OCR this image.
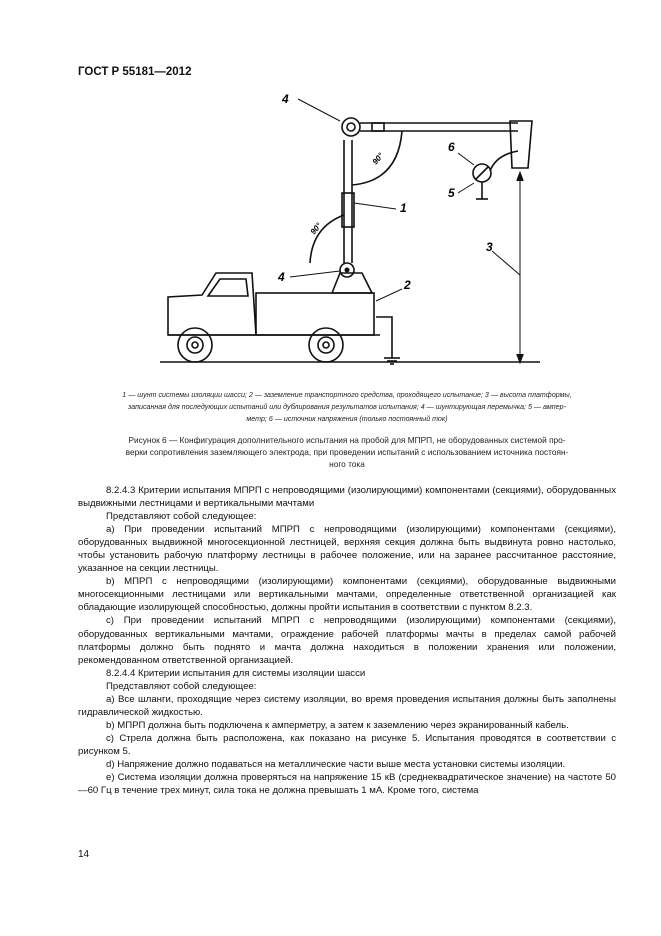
ГОСТ Р 55181—2012
4
6
5
1
3
4
2
90°
90°
1 — шунт системы изоляции шасси; 2 — заземление транспортного средства, проходящего испытание; 3 — высота платформы,
записанная для последующих испытаний или дублирования результатов испытания; 4 — шунтирующая перемычка; 5 — ампер-
метр; 6 — источник напряжения (только постоянный ток)
Рисунок 6 — Конфигурация дополнительного испытания на пробой для МПРП, не оборудованных системой про-
верки сопротивления заземляющего электрода, при проведении испытаний с использованием источника постоян-
ного тока

8.2.4.3 Критерии испытания МПРП с непроводящими (изолирующими) компонентами (секциями), оборудованных выдвижными лестницами и вертикальными мачтами

Представляют собой следующее:

а) При проведении испытаний МПРП с непроводящими (изолирующими) компонентами (секциями), оборудованных выдвижной многосекционной лестницей, верхняя секция должна быть выдвинута ровно настолько, чтобы установить рабочую платформу лестницы в рабочее положение, или на заранее рассчитанное расстояние, указанное на секции лестницы.

b) МПРП с непроводящими (изолирующими) компонентами (секциями), оборудованные выдвижными многосекционными лестницами или вертикальными мачтами, определенные ответственной организацией как обладающие изолирующей способностью, должны пройти испытания в соответствии с пунктом 8.2.3.

c) При проведении испытаний МПРП с непроводящими (изолирующими) компонентами (секциями), оборудованных вертикальными мачтами, ограждение рабочей платформы мачты в пределах самой рабочей платформы должно быть поднято и мачта должна находиться в положении хранения или положении, рекомендованном ответственной организацией.

8.2.4.4 Критерии испытания для системы изоляции шасси

Представляют собой следующее:

а) Все шланги, проходящие через систему изоляции, во время проведения испытания должны быть заполнены гидравлической жидкостью.

b) МПРП должна быть подключена к амперметру, а затем к заземлению через экранированный кабель.

c) Стрела должна быть расположена, как показано на рисунке 5. Испытания проводятся в соответствии с рисунком 5.

d) Напряжение должно подаваться на металлические части выше места установки системы изоляции.

e) Система изоляции должна проверяться на напряжение 15 кВ (среднеквадратическое значение) на частоте 50—60 Гц в течение трех минут, сила тока не должна превышать 1 мА. Кроме того, система

14
